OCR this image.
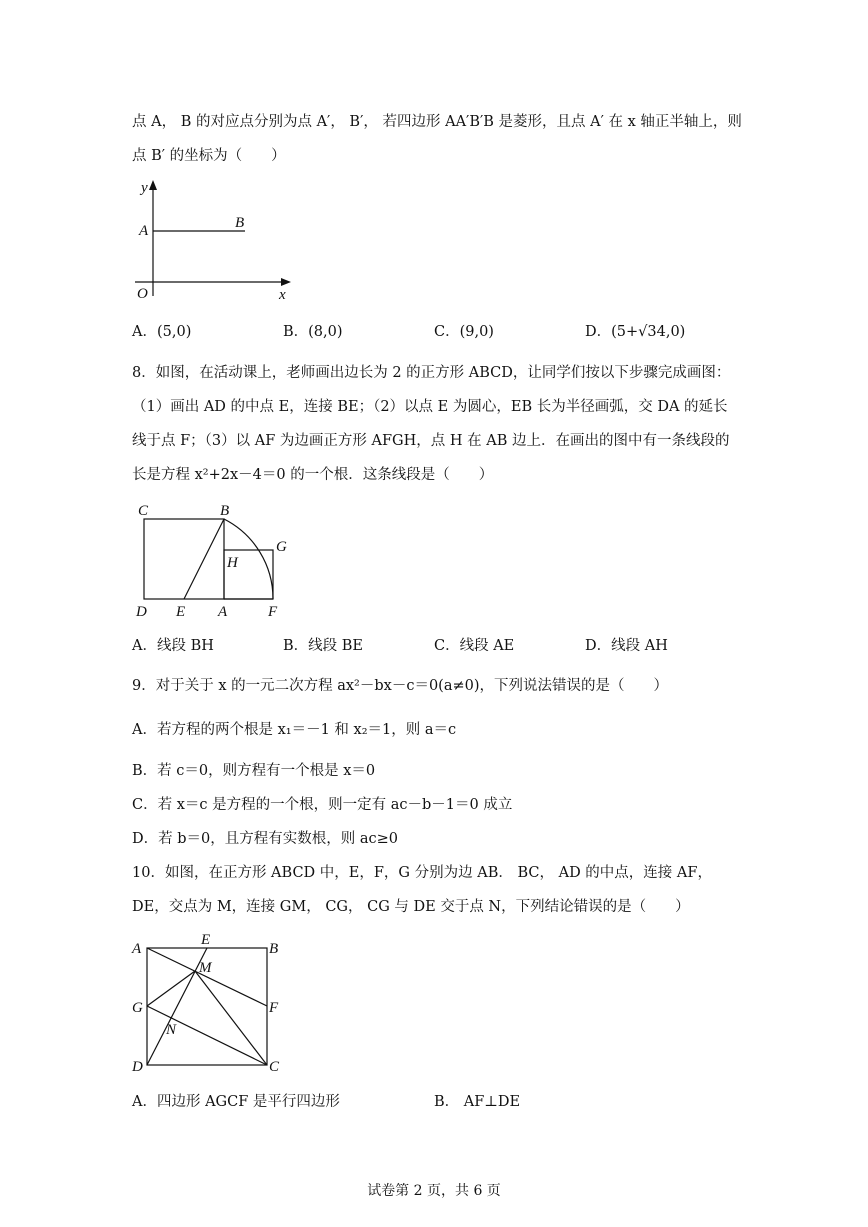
点 A， B 的对应点分别为点 A′， B′， 若四边形 AA′B′B 是菱形，且点 A′ 在 x 轴正半轴上，则
点 B′ 的坐标为（　　）
y
A	B
O	x
A．(5,0)	B．(8,0)	C．(9,0)	D．(5+√34,0)
8．如图，在活动课上，老师画出边长为 2 的正方形 ABCD，让同学们按以下步骤完成画图：
（1）画出 AD 的中点 E，连接 BE；（2）以点 E 为圆心，EB 长为半径画弧，交 DA 的延长
线于点 F；（3）以 AF 为边画正方形 AFGH，点 H 在 AB 边上．在画出的图中有一条线段的
长是方程 x²+2x－4＝0 的一个根．这条线段是（　　）
C	B
G
H
D E A	F
A．线段 BH	B．线段 BE	C．线段 AE	D．线段 AH
9．对于关于 x 的一元二次方程 ax²－bx－c＝0(a≠0)，下列说法错误的是（　　）
A．若方程的两个根是 x₁＝－1 和 x₂＝1，则 a＝c
B．若 c＝0，则方程有一个根是 x＝0
C．若 x＝c 是方程的一个根，则一定有 ac－b－1＝0 成立
D．若 b＝0，且方程有实数根，则 ac≥0
10．如图，在正方形 ABCD 中，E，F，G 分别为边 AB． BC， AD 的中点，连接 AF，
DE，交点为 M，连接 GM， CG， CG 与 DE 交于点 N，下列结论错误的是（　　）
A
E
B
M
G	F
N
D	C
A．四边形 AGCF 是平行四边形	B． AF⊥DE
试卷第 2 页，共 6 页
